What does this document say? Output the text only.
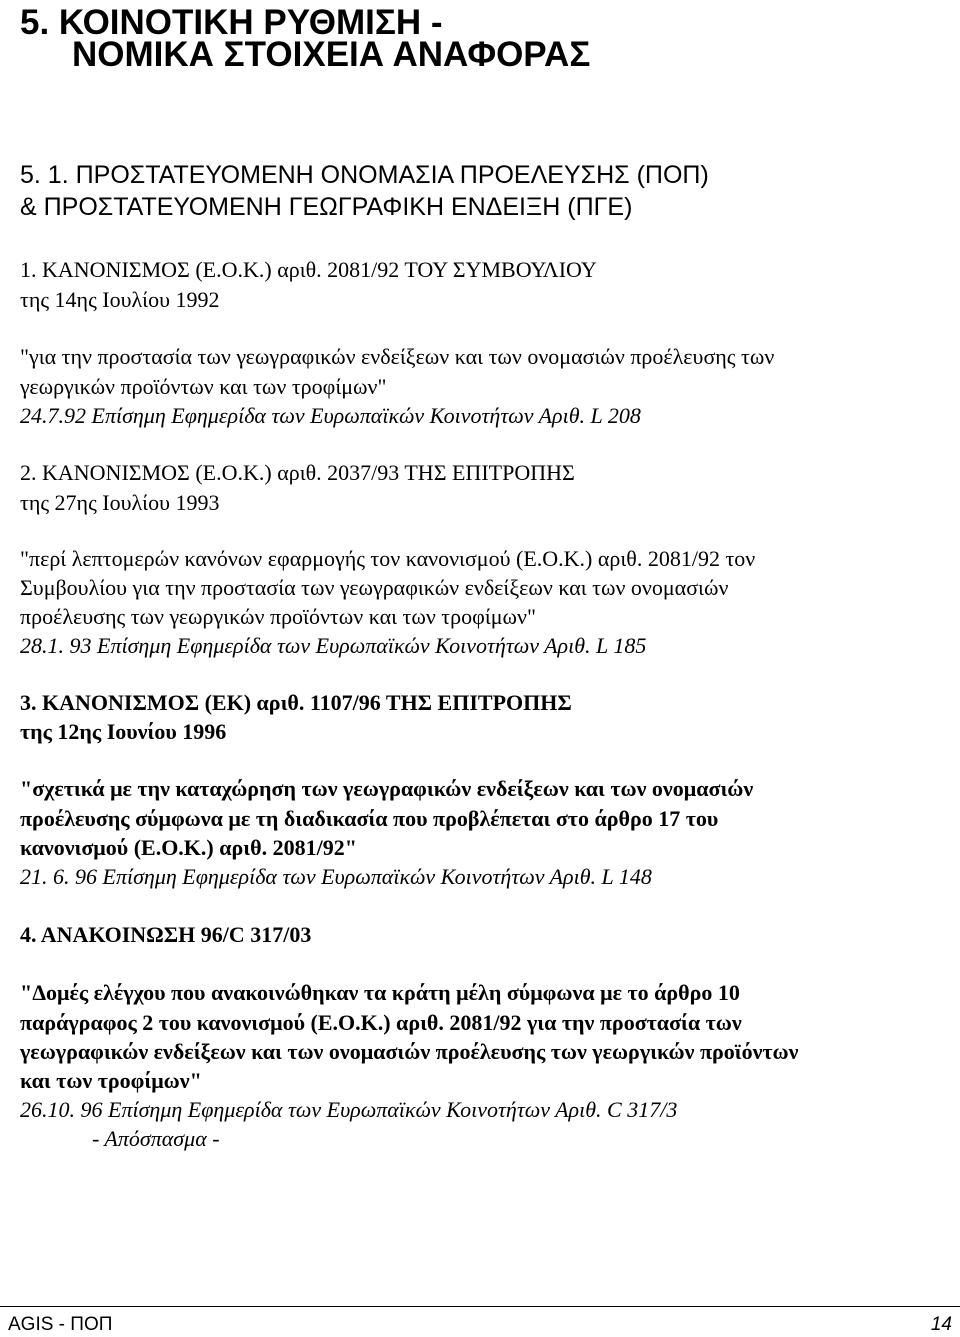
5. ΚΟΙΝΟΤΙΚΗ ΡΥΘΜΙΣΗ -
ΝΟΜΙΚΑ ΣΤΟΙΧΕΙΑ ΑΝΑΦΟΡΑΣ
5. 1. ΠΡΟΣΤΑΤΕΥΟΜΕΝΗ ΟΝΟΜΑΣΙΑ ΠΡΟΕΛΕΥΣΗΣ (ΠΟΠ)
& ΠΡΟΣΤΑΤΕΥΟΜΕΝΗ ΓΕΩΓΡΑΦΙΚΗ ΕΝΔΕΙΞΗ (ΠΓΕ)
1. ΚΑΝΟΝΙΣΜΟΣ (Ε.Ο.Κ.) αριθ. 2081/92 ΤΟΥ ΣΥΜΒΟΥΛΙΟΥ
της 14ης Ιουλίου 1992
"για την προστασία των γεωγραφικών ενδείξεων και των ονομασιών προέλευσης των
γεωργικών προϊόντων και των τροφίμων"
24.7.92 Επίσημη Εφημερίδα των Ευρωπαϊκών Κοινοτήτων Αριθ. L 208
2. ΚΑΝΟΝΙΣΜΟΣ (Ε.Ο.Κ.) αριθ. 2037/93 ΤΗΣ ΕΠΙΤΡΟΠΗΣ
της 27ης Ιουλίου 1993
"περί λεπτομερών κανόνων εφαρμογής τον κανονισμού (Ε.Ο.Κ.) αριθ. 2081/92 τον
Συμβουλίου για την προστασία των γεωγραφικών ενδείξεων και των ονομασιών
προέλευσης των γεωργικών προϊόντων και των τροφίμων"
28.1. 93 Επίσημη Εφημερίδα των Ευρωπαϊκών Κοινοτήτων Αριθ. L 185
3. ΚΑΝΟΝΙΣΜΟΣ (ΕΚ) αριθ. 1107/96 ΤΗΣ ΕΠΙΤΡΟΠΗΣ
της 12ης Ιουνίου 1996
"σχετικά με την καταχώρηση των γεωγραφικών ενδείξεων και των ονομασιών
προέλευσης σύμφωνα με τη διαδικασία που προβλέπεται στο άρθρο 17 του
κανονισμού (Ε.Ο.Κ.) αριθ. 2081/92"
21. 6. 96 Επίσημη Εφημερίδα των Ευρωπαϊκών Κοινοτήτων Αριθ. L 148
4. ΑΝΑΚΟΙΝΩΣΗ 96/C 317/03
"Δομές ελέγχου που ανακοινώθηκαν τα κράτη μέλη σύμφωνα με το άρθρο 10
παράγραφος 2 του κανονισμού (Ε.Ο.Κ.) αριθ. 2081/92 για την προστασία των
γεωγραφικών ενδείξεων και των ονομασιών προέλευσης των γεωργικών προϊόντων
και των τροφίμων"
26.10. 96 Επίσημη Εφημερίδα των Ευρωπαϊκών Κοινοτήτων Αριθ. C 317/3
- Απόσπασμα -
AGIS - ΠΟΠ	14
